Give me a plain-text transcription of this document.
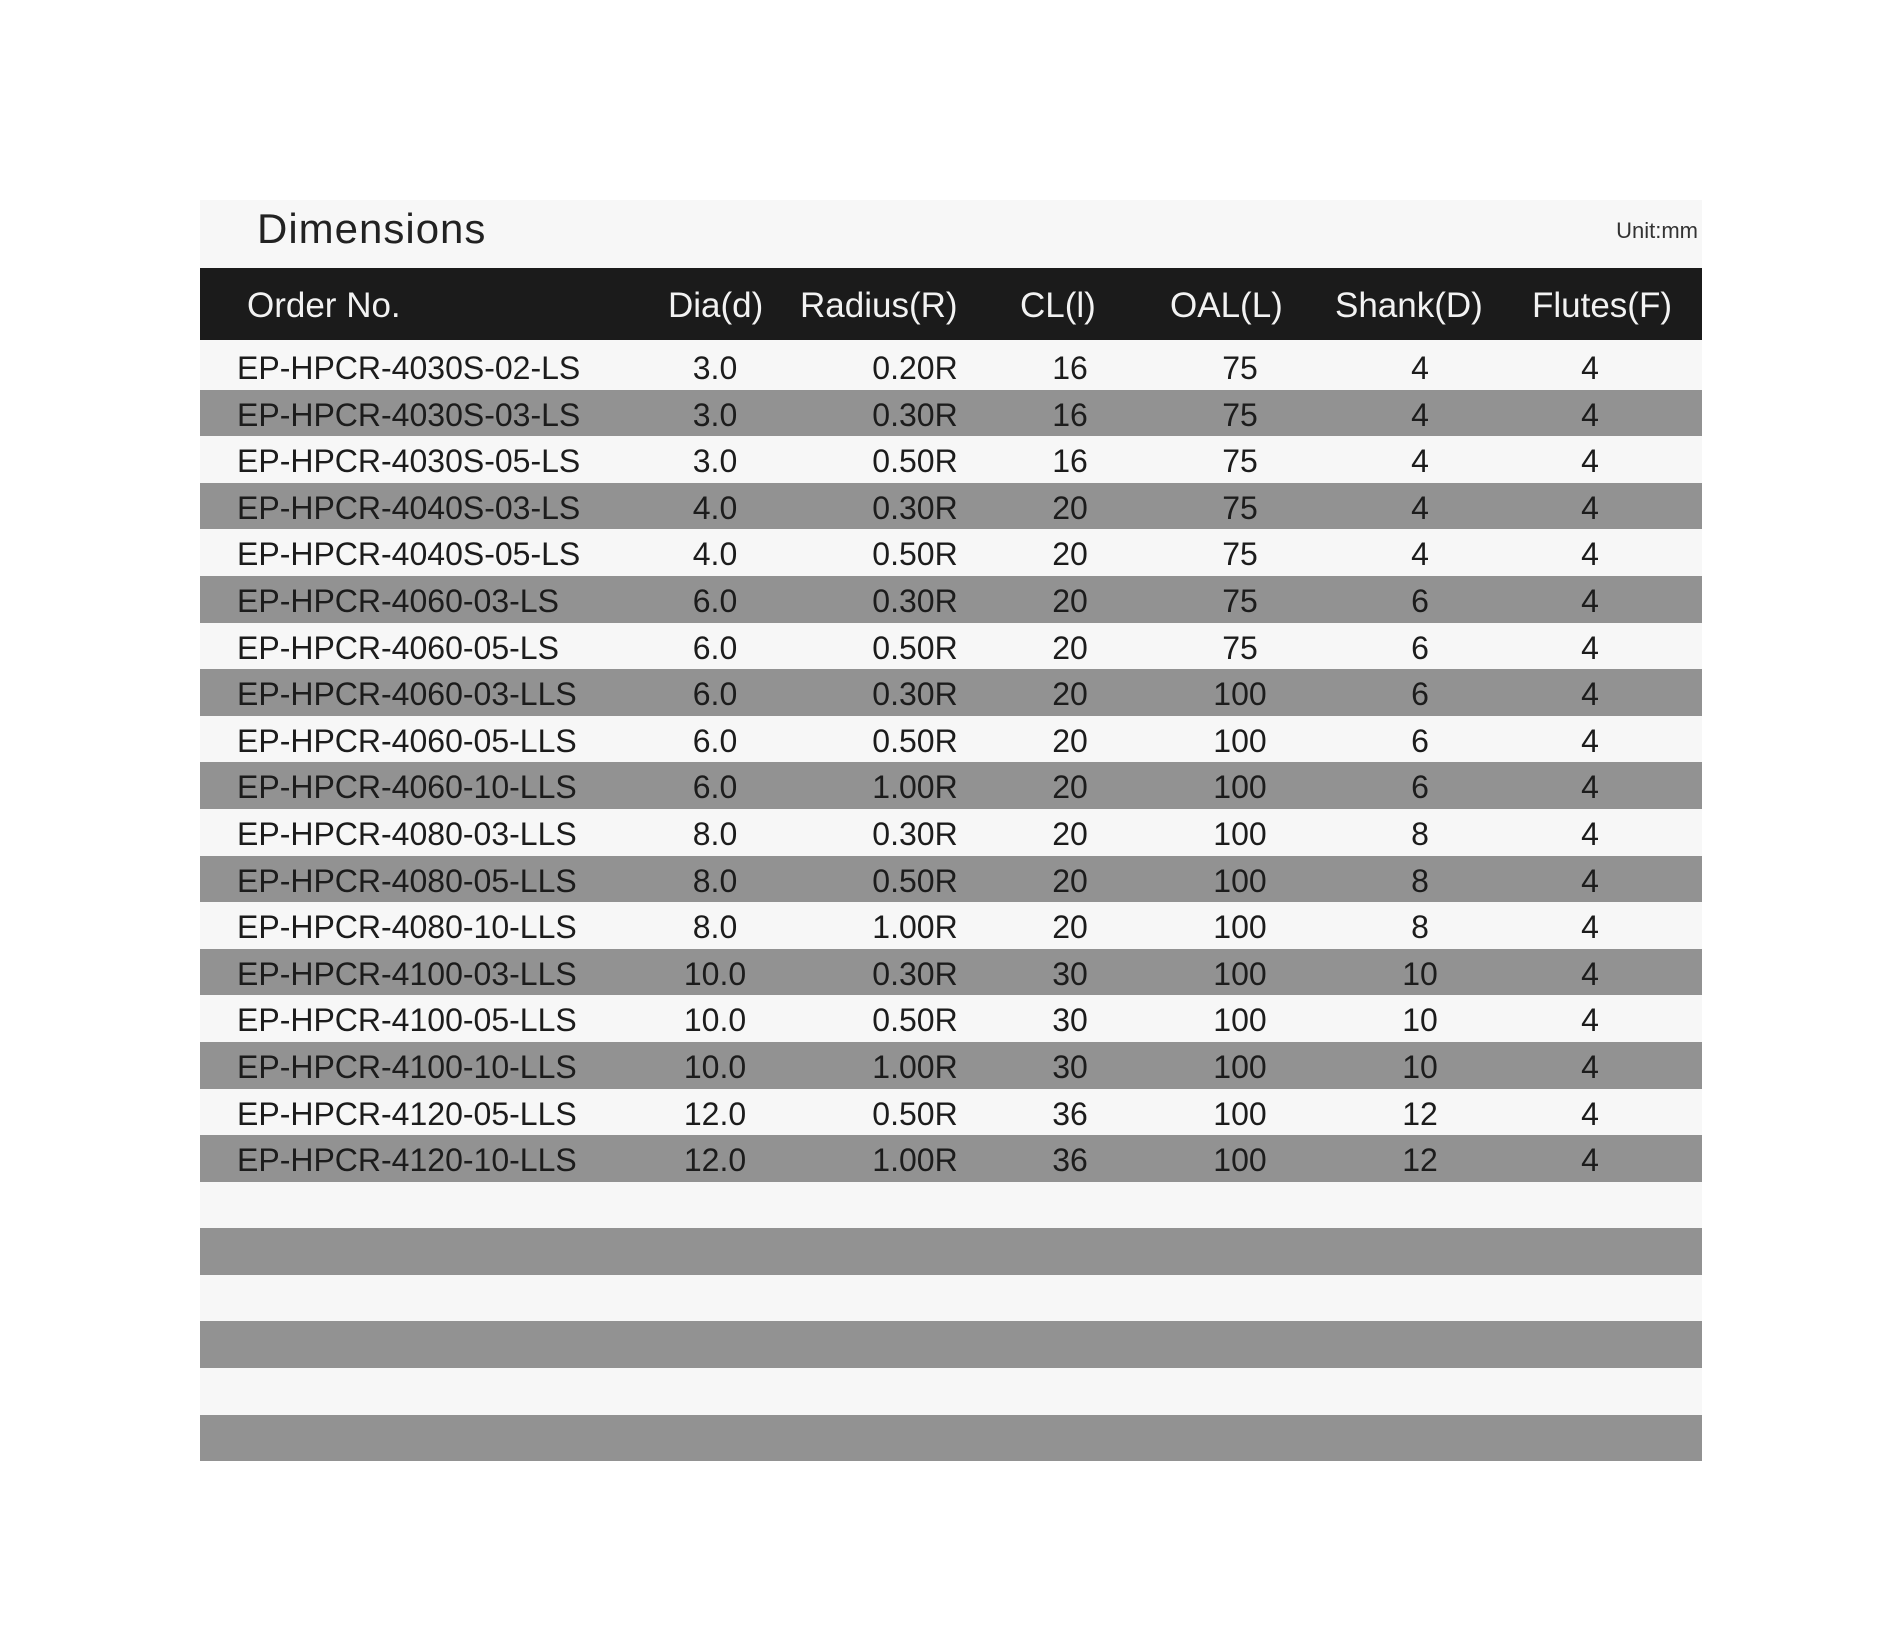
Dimensions	Unit:mm
Order No.	Dia(d) Radius(R) CL(l) OAL(L) Shank(D) Flutes(F)
EP-HPCR-4030S-02-LS	3.0	0.20R	16	75	4	4
EP-HPCR-4030S-03-LS	3.0	0.30R	16	75	4	4
EP-HPCR-4030S-05-LS	3.0	0.50R	16	75	4	4
EP-HPCR-4040S-03-LS	4.0	0.30R	20	75	4	4
EP-HPCR-4040S-05-LS	4.0	0.50R	20	75	4	4
EP-HPCR-4060-03-LS	6.0	0.30R	20	75	6	4
EP-HPCR-4060-05-LS	6.0	0.50R	20	75	6	4
EP-HPCR-4060-03-LLS	6.0	0.30R	20	100	6	4
EP-HPCR-4060-05-LLS	6.0	0.50R	20	100	6	4
EP-HPCR-4060-10-LLS	6.0	1.00R	20	100	6	4
EP-HPCR-4080-03-LLS	8.0	0.30R	20	100	8	4
EP-HPCR-4080-05-LLS	8.0	0.50R	20	100	8	4
EP-HPCR-4080-10-LLS	8.0	1.00R	20	100	8	4
EP-HPCR-4100-03-LLS	10.0	0.30R	30	100	10	4
EP-HPCR-4100-05-LLS	10.0	0.50R	30	100	10	4
EP-HPCR-4100-10-LLS	10.0	1.00R	30	100	10	4
EP-HPCR-4120-05-LLS	12.0	0.50R	36	100	12	4
EP-HPCR-4120-10-LLS	12.0	1.00R	36	100	12	4
